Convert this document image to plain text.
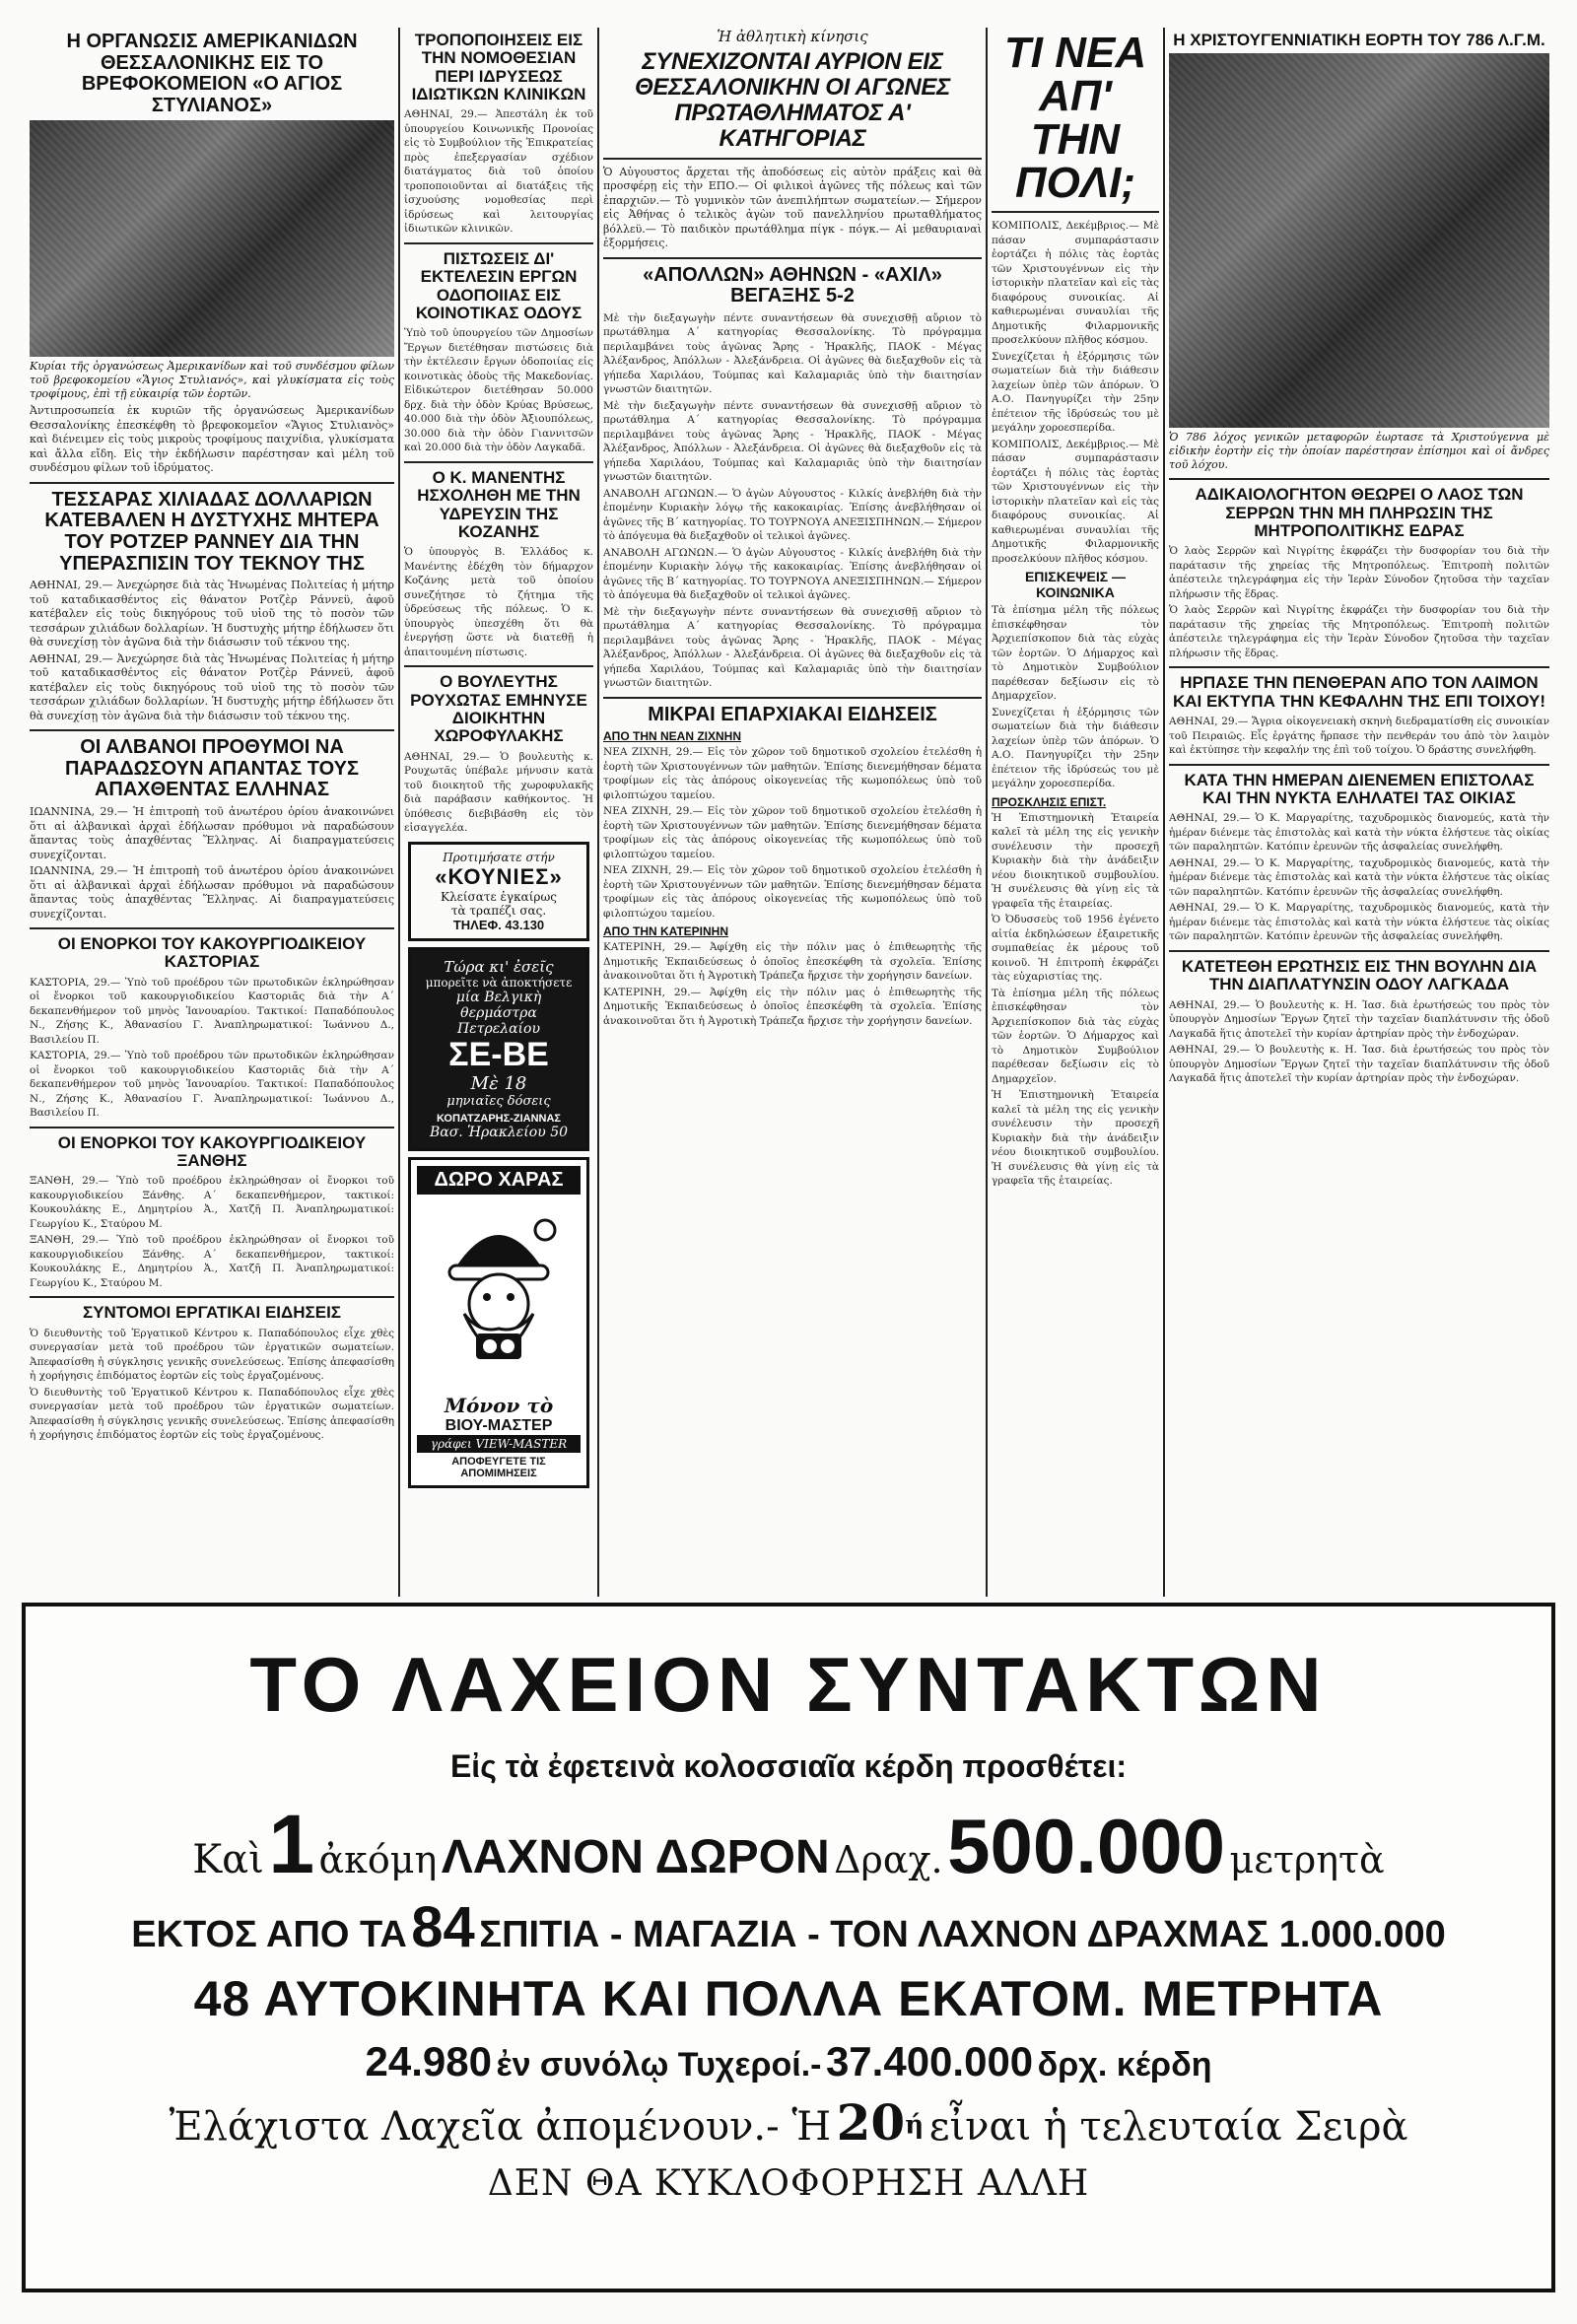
Η ΟΡΓΑΝΩΣΙΣ ΑΜΕΡΙΚΑΝΙΔΩΝ ΘΕΣΣΑΛΟΝΙΚΗΣ ΕΙΣ ΤΟ ΒΡΕΦΟΚΟΜΕΙΟΝ «Ο ΑΓΙΟΣ ΣΤΥΛΙΑΝΟΣ»
Κυρίαι τῆς ὀργανώσεως Ἀμερικανίδων καὶ τοῦ συνδέσμου φίλων τοῦ βρεφοκομείου «Ἅγιος Στυλιανός», καὶ γλυκίσματα εἰς τοὺς τροφίμους, ἐπὶ τῇ εὐκαιρίᾳ τῶν ἑορτῶν.
Ἀντιπροσωπεία ἐκ κυριῶν τῆς ὀργανώσεως Ἀμερικανίδων Θεσσαλονίκης ἐπεσκέφθη τὸ βρεφοκομεῖον «Ἅγιος Στυλιανὸς» καὶ διένειμεν εἰς τοὺς μικροὺς τροφίμους παιχνίδια, γλυκίσματα καὶ ἄλλα εἴδη. Εἰς τὴν ἐκδήλωσιν παρέστησαν καὶ μέλη τοῦ συνδέσμου φίλων τοῦ ἱδρύματος.
ΤΕΣΣΑΡΑΣ ΧΙΛΙΑΔΑΣ ΔΟΛΛΑΡΙΩΝ ΚΑΤΕΒΑΛΕΝ Η ΔΥΣΤΥΧΗΣ ΜΗΤΕΡΑ ΤΟΥ ΡΟΤΖΕΡ ΡΑΝΝΕΥ ΔΙΑ ΤΗΝ ΥΠΕΡΑΣΠΙΣΙΝ ΤΟΥ ΤΕΚΝΟΥ ΤΗΣ
ΑΘΗΝΑΙ, 29.— Ἀνεχώρησε διὰ τὰς Ἡνωμένας Πολιτείας ἡ μήτηρ τοῦ καταδικασθέντος εἰς θάνατον Ροτζὲρ Ράννεϋ, ἀφοῦ κατέβαλεν εἰς τοὺς δικηγόρους τοῦ υἱοῦ της τὸ ποσὸν τῶν τεσσάρων χιλιάδων δολλαρίων. Ἡ δυστυχὴς μήτηρ ἐδήλωσεν ὅτι θὰ συνεχίσῃ τὸν ἀγῶνα διὰ τὴν διάσωσιν τοῦ τέκνου της.
ΑΘΗΝΑΙ, 29.— Ἀνεχώρησε διὰ τὰς Ἡνωμένας Πολιτείας ἡ μήτηρ τοῦ καταδικασθέντος εἰς θάνατον Ροτζὲρ Ράννεϋ, ἀφοῦ κατέβαλεν εἰς τοὺς δικηγόρους τοῦ υἱοῦ της τὸ ποσὸν τῶν τεσσάρων χιλιάδων δολλαρίων. Ἡ δυστυχὴς μήτηρ ἐδήλωσεν ὅτι θὰ συνεχίσῃ τὸν ἀγῶνα διὰ τὴν διάσωσιν τοῦ τέκνου της.
ΟΙ ΑΛΒΑΝΟΙ ΠΡΟΘΥΜΟΙ ΝΑ ΠΑΡΑΔΩΣΟΥΝ ΑΠΑΝΤΑΣ ΤΟΥΣ ΑΠΑΧΘΕΝΤΑΣ ΕΛΛΗΝΑΣ
ΙΩΑΝΝΙΝΑ, 29.— Ἡ ἐπιτροπὴ τοῦ ἀνωτέρου ὀρίου ἀνακοινώνει ὅτι αἱ ἀλβανικαὶ ἀρχαὶ ἐδήλωσαν πρόθυμοι νὰ παραδώσουν ἅπαντας τοὺς ἀπαχθέντας Ἕλληνας. Αἱ διαπραγματεύσεις συνεχίζονται.
ΙΩΑΝΝΙΝΑ, 29.— Ἡ ἐπιτροπὴ τοῦ ἀνωτέρου ὀρίου ἀνακοινώνει ὅτι αἱ ἀλβανικαὶ ἀρχαὶ ἐδήλωσαν πρόθυμοι νὰ παραδώσουν ἅπαντας τοὺς ἀπαχθέντας Ἕλληνας. Αἱ διαπραγματεύσεις συνεχίζονται.
ΟΙ ΕΝΟΡΚΟΙ ΤΟΥ ΚΑΚΟΥΡΓΙΟΔΙΚΕΙΟΥ ΚΑΣΤΟΡΙΑΣ
ΚΑΣΤΟΡΙΑ, 29.— Ὑπὸ τοῦ προέδρου τῶν πρωτοδικῶν ἐκληρώθησαν οἱ ἔνορκοι τοῦ κακουργιοδικείου Καστοριᾶς διὰ τὴν Α΄ δεκαπενθήμερον τοῦ μηνὸς Ἰανουαρίου. Τακτικοί: Παπαδόπουλος Ν., Ζήσης Κ., Ἀθανασίου Γ. Ἀναπληρωματικοί: Ἰωάννου Δ., Βασιλείου Π.
ΚΑΣΤΟΡΙΑ, 29.— Ὑπὸ τοῦ προέδρου τῶν πρωτοδικῶν ἐκληρώθησαν οἱ ἔνορκοι τοῦ κακουργιοδικείου Καστοριᾶς διὰ τὴν Α΄ δεκαπενθήμερον τοῦ μηνὸς Ἰανουαρίου. Τακτικοί: Παπαδόπουλος Ν., Ζήσης Κ., Ἀθανασίου Γ. Ἀναπληρωματικοί: Ἰωάννου Δ., Βασιλείου Π.
ΟΙ ΕΝΟΡΚΟΙ ΤΟΥ ΚΑΚΟΥΡΓΙΟΔΙΚΕΙΟΥ ΞΑΝΘΗΣ
ΞΑΝΘΗ, 29.— Ὑπὸ τοῦ προέδρου ἐκληρώθησαν οἱ ἔνορκοι τοῦ κακουργιοδικείου Ξάνθης. Α΄ δεκαπενθήμερον, τακτικοί: Κουκουλάκης Ε., Δημητρίου Ἀ., Χατζῆ Π. Ἀναπληρωματικοί: Γεωργίου Κ., Σταύρου Μ.
ΞΑΝΘΗ, 29.— Ὑπὸ τοῦ προέδρου ἐκληρώθησαν οἱ ἔνορκοι τοῦ κακουργιοδικείου Ξάνθης. Α΄ δεκαπενθήμερον, τακτικοί: Κουκουλάκης Ε., Δημητρίου Ἀ., Χατζῆ Π. Ἀναπληρωματικοί: Γεωργίου Κ., Σταύρου Μ.
ΣΥΝΤΟΜΟΙ ΕΡΓΑΤΙΚΑΙ ΕΙΔΗΣΕΙΣ
Ὁ διευθυντὴς τοῦ Ἐργατικοῦ Κέντρου κ. Παπαδόπουλος εἶχε χθὲς συνεργασίαν μετὰ τοῦ προέδρου τῶν ἐργατικῶν σωματείων. Ἀπεφασίσθη ἡ σύγκλησις γενικῆς συνελεύσεως. Ἐπίσης ἀπεφασίσθη ἡ χορήγησις ἐπιδόματος ἑορτῶν εἰς τοὺς ἐργαζομένους.
Ὁ διευθυντὴς τοῦ Ἐργατικοῦ Κέντρου κ. Παπαδόπουλος εἶχε χθὲς συνεργασίαν μετὰ τοῦ προέδρου τῶν ἐργατικῶν σωματείων. Ἀπεφασίσθη ἡ σύγκλησις γενικῆς συνελεύσεως. Ἐπίσης ἀπεφασίσθη ἡ χορήγησις ἐπιδόματος ἑορτῶν εἰς τοὺς ἐργαζομένους.
ΤΡΟΠΟΠΟΙΗΣΕΙΣ ΕΙΣ ΤΗΝ ΝΟΜΟΘΕΣΙΑΝ ΠΕΡΙ ΙΔΡΥΣΕΩΣ ΙΔΙΩΤΙΚΩΝ ΚΛΙΝΙΚΩΝ
ΑΘΗΝΑΙ, 29.— Ἀπεστάλη ἐκ τοῦ ὑπουργείου Κοινωνικῆς Προνοίας εἰς τὸ Συμβούλιον τῆς Ἐπικρατείας πρὸς ἐπεξεργασίαν σχέδιον διατάγματος διὰ τοῦ ὁποίου τροποποιοῦνται αἱ διατάξεις τῆς ἰσχυούσης νομοθεσίας περὶ ἱδρύσεως καὶ λειτουργίας ἰδιωτικῶν κλινικῶν.
ΠΙΣΤΩΣΕΙΣ ΔΙ' ΕΚΤΕΛΕΣΙΝ ΕΡΓΩΝ ΟΔΟΠΟΙΙΑΣ ΕΙΣ ΚΟΙΝΟΤΙΚΑΣ ΟΔΟΥΣ
Ὑπὸ τοῦ ὑπουργείου τῶν Δημοσίων Ἔργων διετέθησαν πιστώσεις διὰ τὴν ἐκτέλεσιν ἔργων ὁδοποιίας εἰς κοινοτικὰς ὁδοὺς τῆς Μακεδονίας. Εἰδικώτερον διετέθησαν 50.000 δρχ. διὰ τὴν ὁδὸν Κρύας Βρύσεως, 40.000 διὰ τὴν ὁδὸν Ἀξιουπόλεως, 30.000 διὰ τὴν ὁδὸν Γιαννιτσῶν καὶ 20.000 διὰ τὴν ὁδὸν Λαγκαδᾶ.
Ο Κ. ΜΑΝΕΝΤΗΣ ΗΣΧΟΛΗΘΗ ΜΕ ΤΗΝ ΥΔΡΕΥΣΙΝ ΤΗΣ ΚΟΖΑΝΗΣ
Ὁ ὑπουργὸς Β. Ἑλλάδος κ. Μανέντης ἐδέχθη τὸν δήμαρχον Κοζάνης μετὰ τοῦ ὁποίου συνεζήτησε τὸ ζήτημα τῆς ὑδρεύσεως τῆς πόλεως. Ὁ κ. ὑπουργὸς ὑπεσχέθη ὅτι θὰ ἐνεργήσῃ ὥστε νὰ διατεθῇ ἡ ἀπαιτουμένη πίστωσις.
Ο ΒΟΥΛΕΥΤΗΣ ΡΟΥΧΩΤΑΣ ΕΜΗΝΥΣΕ ΔΙΟΙΚΗΤΗΝ ΧΩΡΟΦΥΛΑΚΗΣ
ΑΘΗΝΑΙ, 29.— Ὁ βουλευτὴς κ. Ρουχωτᾶς ὑπέβαλε μήνυσιν κατὰ τοῦ διοικητοῦ τῆς χωροφυλακῆς διὰ παράβασιν καθήκοντος. Ἡ ὑπόθεσις διεβιβάσθη εἰς τὸν εἰσαγγελέα.
Προτιμήσατε στήν
«ΚΟΥΝΙΕΣ»
Κλείσατε ἐγκαίρως
τὰ τραπέζι σας.
ΤΗΛΕΦ. 43.130
Τώρα κι' ἐσεῖς
μπορεῖτε νὰ ἀποκτήσετε
μία Βελγικὴ
θερμάστρα
Πετρελαίου
ΣΕ-ΒΕ
Μὲ 18
μηνιαῖες δόσεις
ΚΟΠΑΤΖΑΡΗΣ-ΖΙΑΝΝΑΣ
Βασ. Ἡρακλείου 50
ΔΩΡΟ ΧΑΡΑΣ
Μόνον τὸ
ΒΙΟΥ-ΜΑΣΤΕΡ
γράφει VIEW-MASTER
ΑΠΟΦΕΥΓΕΤΕ ΤΙΣ
ΑΠΟΜΙΜΗΣΕΙΣ
Ἡ ἀθλητικὴ κίνησις
ΣΥΝΕΧΙΖΟΝΤΑΙ ΑΥΡΙΟΝ ΕΙΣ ΘΕΣΣΑΛΟΝΙΚΗΝ ΟΙ ΑΓΩΝΕΣ ΠΡΩΤΑΘΛΗΜΑΤΟΣ Α' ΚΑΤΗΓΟΡΙΑΣ
Ὁ Αὐγουστος ἄρχεται τῆς ἀποδόσεως εἰς αὐτὸν πράξεις καὶ θὰ προσφέρῃ εἰς τὴν ΕΠΟ.— Οἱ φιλικοὶ ἀγῶνες τῆς πόλεως καὶ τῶν ἐπαρχιῶν.— Τὸ γυμνικὸν τῶν ἀνεπιλήπτων σωματείων.— Σήμερον εἰς Ἀθήνας ὁ τελικὸς ἀγὼν τοῦ πανελληνίου πρωταθλήματος βόλλεϋ.— Τὸ παιδικὸν πρωτάθλημα πίγκ - πόγκ.— Αἱ μεθαυριαναὶ ἐξορμήσεις.
«ΑΠΟΛΛΩΝ» ΑΘΗΝΩΝ - «ΑΧΙΛ» ΒΕΓΑΞΗΣ 5-2
Μὲ τὴν διεξαγωγὴν πέντε συναντήσεων θὰ συνεχισθῇ αὔριον τὸ πρωτάθλημα Α΄ κατηγορίας Θεσσαλονίκης. Τὸ πρόγραμμα περιλαμβάνει τοὺς ἀγῶνας Ἄρης - Ἡρακλῆς, ΠΑΟΚ - Μέγας Ἀλέξανδρος, Ἀπόλλων - Ἀλεξάνδρεια. Οἱ ἀγῶνες θὰ διεξαχθοῦν εἰς τὰ γήπεδα Χαριλάου, Τούμπας καὶ Καλαμαριᾶς ὑπὸ τὴν διαιτησίαν γνωστῶν διαιτητῶν.
Μὲ τὴν διεξαγωγὴν πέντε συναντήσεων θὰ συνεχισθῇ αὔριον τὸ πρωτάθλημα Α΄ κατηγορίας Θεσσαλονίκης. Τὸ πρόγραμμα περιλαμβάνει τοὺς ἀγῶνας Ἄρης - Ἡρακλῆς, ΠΑΟΚ - Μέγας Ἀλέξανδρος, Ἀπόλλων - Ἀλεξάνδρεια. Οἱ ἀγῶνες θὰ διεξαχθοῦν εἰς τὰ γήπεδα Χαριλάου, Τούμπας καὶ Καλαμαριᾶς ὑπὸ τὴν διαιτησίαν γνωστῶν διαιτητῶν.
ΑΝΑΒΟΛΗ ΑΓΩΝΩΝ.— Ὁ ἀγὼν Αὐγουστος - Κιλκίς ἀνεβλήθη διὰ τὴν ἑπομένην Κυριακὴν λόγῳ τῆς κακοκαιρίας. Ἐπίσης ἀνεβλήθησαν οἱ ἀγῶνες τῆς Β΄ κατηγορίας. ΤΟ ΤΟΥΡΝΟΥΑ ΑΝΕΞΙΣΠΗΝΩΝ.— Σήμερον τὸ ἀπόγευμα θὰ διεξαχθοῦν οἱ τελικοὶ ἀγῶνες.
ΑΝΑΒΟΛΗ ΑΓΩΝΩΝ.— Ὁ ἀγὼν Αὐγουστος - Κιλκίς ἀνεβλήθη διὰ τὴν ἑπομένην Κυριακὴν λόγῳ τῆς κακοκαιρίας. Ἐπίσης ἀνεβλήθησαν οἱ ἀγῶνες τῆς Β΄ κατηγορίας. ΤΟ ΤΟΥΡΝΟΥΑ ΑΝΕΞΙΣΠΗΝΩΝ.— Σήμερον τὸ ἀπόγευμα θὰ διεξαχθοῦν οἱ τελικοὶ ἀγῶνες.
Μὲ τὴν διεξαγωγὴν πέντε συναντήσεων θὰ συνεχισθῇ αὔριον τὸ πρωτάθλημα Α΄ κατηγορίας Θεσσαλονίκης. Τὸ πρόγραμμα περιλαμβάνει τοὺς ἀγῶνας Ἄρης - Ἡρακλῆς, ΠΑΟΚ - Μέγας Ἀλέξανδρος, Ἀπόλλων - Ἀλεξάνδρεια. Οἱ ἀγῶνες θὰ διεξαχθοῦν εἰς τὰ γήπεδα Χαριλάου, Τούμπας καὶ Καλαμαριᾶς ὑπὸ τὴν διαιτησίαν γνωστῶν διαιτητῶν.
ΜΙΚΡΑΙ ΕΠΑΡΧΙΑΚΑΙ ΕΙΔΗΣΕΙΣ
ΑΠΟ ΤΗΝ ΝΕΑΝ ΖΙΧΝΗΝ
ΝΕΑ ΖΙΧΝΗ, 29.— Εἰς τὸν χῶρον τοῦ δημοτικοῦ σχολείου ἐτελέσθη ἡ ἑορτὴ τῶν Χριστουγέννων τῶν μαθητῶν. Ἐπίσης διενεμήθησαν δέματα τροφίμων εἰς τὰς ἀπόρους οἰκογενείας τῆς κωμοπόλεως ὑπὸ τοῦ φιλοπτώχου ταμείου.
ΝΕΑ ΖΙΧΝΗ, 29.— Εἰς τὸν χῶρον τοῦ δημοτικοῦ σχολείου ἐτελέσθη ἡ ἑορτὴ τῶν Χριστουγέννων τῶν μαθητῶν. Ἐπίσης διενεμήθησαν δέματα τροφίμων εἰς τὰς ἀπόρους οἰκογενείας τῆς κωμοπόλεως ὑπὸ τοῦ φιλοπτώχου ταμείου.
ΝΕΑ ΖΙΧΝΗ, 29.— Εἰς τὸν χῶρον τοῦ δημοτικοῦ σχολείου ἐτελέσθη ἡ ἑορτὴ τῶν Χριστουγέννων τῶν μαθητῶν. Ἐπίσης διενεμήθησαν δέματα τροφίμων εἰς τὰς ἀπόρους οἰκογενείας τῆς κωμοπόλεως ὑπὸ τοῦ φιλοπτώχου ταμείου.
ΑΠΟ ΤΗΝ ΚΑΤΕΡΙΝΗΝ
ΚΑΤΕΡΙΝΗ, 29.— Ἀφίχθη εἰς τὴν πόλιν μας ὁ ἐπιθεωρητὴς τῆς Δημοτικῆς Ἐκπαιδεύσεως ὁ ὁποῖος ἐπεσκέφθη τὰ σχολεῖα. Ἐπίσης ἀνακοινοῦται ὅτι ἡ Ἀγροτικὴ Τράπεζα ἤρχισε τὴν χορήγησιν δανείων.
ΚΑΤΕΡΙΝΗ, 29.— Ἀφίχθη εἰς τὴν πόλιν μας ὁ ἐπιθεωρητὴς τῆς Δημοτικῆς Ἐκπαιδεύσεως ὁ ὁποῖος ἐπεσκέφθη τὰ σχολεῖα. Ἐπίσης ἀνακοινοῦται ὅτι ἡ Ἀγροτικὴ Τράπεζα ἤρχισε τὴν χορήγησιν δανείων.
ΤΙ ΝΕΑ ΑΠ' ΤΗΝ ΠΟΛΙ;
ΚΟΜΙΠΟΛΙΣ, Δεκέμβριος.— Μὲ πάσαν συμπαράστασιν ἑορτάζει ἡ πόλις τὰς ἑορτὰς τῶν Χριστουγέννων εἰς τὴν ἱστορικὴν πλατεῖαν καὶ εἰς τὰς διαφόρους συνοικίας. Αἱ καθιερωμέναι συναυλίαι τῆς Δημοτικῆς Φιλαρμονικῆς προσελκύουν πλῆθος κόσμου.
Συνεχίζεται ἡ ἐξόρμησις τῶν σωματείων διὰ τὴν διάθεσιν λαχείων ὑπὲρ τῶν ἀπόρων. Ὁ Α.Ο. Πανηγυρίζει τὴν 25ην ἐπέτειον τῆς ἱδρύσεώς του μὲ μεγάλην χοροεσπερίδα.
ΚΟΜΙΠΟΛΙΣ, Δεκέμβριος.— Μὲ πάσαν συμπαράστασιν ἑορτάζει ἡ πόλις τὰς ἑορτὰς τῶν Χριστουγέννων εἰς τὴν ἱστορικὴν πλατεῖαν καὶ εἰς τὰς διαφόρους συνοικίας. Αἱ καθιερωμέναι συναυλίαι τῆς Δημοτικῆς Φιλαρμονικῆς προσελκύουν πλῆθος κόσμου.
ΕΠΙΣΚΕΨΕΙΣ — ΚΟΙΝΩΝΙΚΑ
Τὰ ἐπίσημα μέλη τῆς πόλεως ἐπισκέφθησαν τὸν Ἀρχιεπίσκοπον διὰ τὰς εὐχὰς τῶν ἑορτῶν. Ὁ Δήμαρχος καὶ τὸ Δημοτικὸν Συμβούλιον παρέθεσαν δεξίωσιν εἰς τὸ Δημαρχεῖον.
Συνεχίζεται ἡ ἐξόρμησις τῶν σωματείων διὰ τὴν διάθεσιν λαχείων ὑπὲρ τῶν ἀπόρων. Ὁ Α.Ο. Πανηγυρίζει τὴν 25ην ἐπέτειον τῆς ἱδρύσεώς του μὲ μεγάλην χοροεσπερίδα.
ΠΡΟΣΚΛΗΣΙΣ ΕΠΙΣΤ.
Ἡ Ἐπιστημονικὴ Ἑταιρεία καλεῖ τὰ μέλη της εἰς γενικὴν συνέλευσιν τὴν προσεχῆ Κυριακὴν διὰ τὴν ἀνάδειξιν νέου διοικητικοῦ συμβουλίου. Ἡ συνέλευσις θὰ γίνῃ εἰς τὰ γραφεῖα τῆς ἑταιρείας.
Ὁ Ὀδυσσεὺς τοῦ 1956 ἐγένετο αἰτία ἐκδηλώσεων ἐξαιρετικῆς συμπαθείας ἐκ μέρους τοῦ κοινοῦ. Ἡ ἐπιτροπὴ ἐκφράζει τὰς εὐχαριστίας της.
Τὰ ἐπίσημα μέλη τῆς πόλεως ἐπισκέφθησαν τὸν Ἀρχιεπίσκοπον διὰ τὰς εὐχὰς τῶν ἑορτῶν. Ὁ Δήμαρχος καὶ τὸ Δημοτικὸν Συμβούλιον παρέθεσαν δεξίωσιν εἰς τὸ Δημαρχεῖον.
Ἡ Ἐπιστημονικὴ Ἑταιρεία καλεῖ τὰ μέλη της εἰς γενικὴν συνέλευσιν τὴν προσεχῆ Κυριακὴν διὰ τὴν ἀνάδειξιν νέου διοικητικοῦ συμβουλίου. Ἡ συνέλευσις θὰ γίνῃ εἰς τὰ γραφεῖα τῆς ἑταιρείας.
Η ΧΡΙΣΤΟΥΓΕΝΝΙΑΤΙΚΗ ΕΟΡΤΗ ΤΟΥ 786 Λ.Γ.Μ.
Ὁ 786 λόχος γενικῶν μεταφορῶν ἐωρτασε τὰ Χριστούγεννα μὲ εἰδικὴν ἑορτὴν εἰς τὴν ὁποίαν παρέστησαν ἐπίσημοι καὶ οἱ ἄνδρες τοῦ λόχου.
ΑΔΙΚΑΙΟΛΟΓΗΤΟΝ ΘΕΩΡΕΙ Ο ΛΑΟΣ ΤΩΝ ΣΕΡΡΩΝ ΤΗΝ ΜΗ ΠΛΗΡΩΣΙΝ ΤΗΣ ΜΗΤΡΟΠΟΛΙΤΙΚΗΣ ΕΔΡΑΣ
Ὁ λαὸς Σερρῶν καὶ Νιγρίτης ἐκφράζει τὴν δυσφορίαν του διὰ τὴν παράτασιν τῆς χηρείας τῆς Μητροπόλεως. Ἐπιτροπὴ πολιτῶν ἀπέστειλε τηλεγράφημα εἰς τὴν Ἱερὰν Σύνοδον ζητοῦσα τὴν ταχεῖαν πλήρωσιν τῆς ἕδρας.
Ὁ λαὸς Σερρῶν καὶ Νιγρίτης ἐκφράζει τὴν δυσφορίαν του διὰ τὴν παράτασιν τῆς χηρείας τῆς Μητροπόλεως. Ἐπιτροπὴ πολιτῶν ἀπέστειλε τηλεγράφημα εἰς τὴν Ἱερὰν Σύνοδον ζητοῦσα τὴν ταχεῖαν πλήρωσιν τῆς ἕδρας.
ΗΡΠΑΣΕ ΤΗΝ ΠΕΝΘΕΡΑΝ ΑΠΟ ΤΟΝ ΛΑΙΜΟΝ ΚΑΙ ΕΚΤΥΠΑ ΤΗΝ ΚΕΦΑΛΗΝ ΤΗΣ ΕΠΙ ΤΟΙΧΟΥ!
ΑΘΗΝΑΙ, 29.— Ἄγρια οἰκογενειακὴ σκηνὴ διεδραματίσθη εἰς συνοικίαν τοῦ Πειραιῶς. Εἷς ἐργάτης ἤρπασε τὴν πενθεράν του ἀπὸ τὸν λαιμὸν καὶ ἐκτύπησε τὴν κεφαλήν της ἐπὶ τοῦ τοίχου. Ὁ δράστης συνελήφθη.
ΚΑΤΑ ΤΗΝ ΗΜΕΡΑΝ ΔΙΕΝΕΜΕΝ ΕΠΙΣΤΟΛΑΣ ΚΑΙ ΤΗΝ ΝΥΚΤΑ ΕΛΗΛΑΤΕΙ ΤΑΣ ΟΙΚΙΑΣ
ΑΘΗΝΑΙ, 29.— Ὁ Κ. Μαργαρίτης, ταχυδρομικὸς διανομεύς, κατὰ τὴν ἡμέραν διένεμε τὰς ἐπιστολὰς καὶ κατὰ τὴν νύκτα ἐλήστευε τὰς οἰκίας τῶν παραληπτῶν. Κατόπιν ἐρευνῶν τῆς ἀσφαλείας συνελήφθη.
ΑΘΗΝΑΙ, 29.— Ὁ Κ. Μαργαρίτης, ταχυδρομικὸς διανομεύς, κατὰ τὴν ἡμέραν διένεμε τὰς ἐπιστολὰς καὶ κατὰ τὴν νύκτα ἐλήστευε τὰς οἰκίας τῶν παραληπτῶν. Κατόπιν ἐρευνῶν τῆς ἀσφαλείας συνελήφθη.
ΑΘΗΝΑΙ, 29.— Ὁ Κ. Μαργαρίτης, ταχυδρομικὸς διανομεύς, κατὰ τὴν ἡμέραν διένεμε τὰς ἐπιστολὰς καὶ κατὰ τὴν νύκτα ἐλήστευε τὰς οἰκίας τῶν παραληπτῶν. Κατόπιν ἐρευνῶν τῆς ἀσφαλείας συνελήφθη.
ΚΑΤΕΤΕΘΗ ΕΡΩΤΗΣΙΣ ΕΙΣ ΤΗΝ ΒΟΥΛΗΝ ΔΙΑ ΤΗΝ ΔΙΑΠΛΑΤΥΝΣΙΝ ΟΔΟΥ ΛΑΓΚΑΔΑ
ΑΘΗΝΑΙ, 29.— Ὁ βουλευτὴς κ. Η. Ἰασ. διὰ ἐρωτήσεώς του πρὸς τὸν ὑπουργὸν Δημοσίων Ἔργων ζητεῖ τὴν ταχεῖαν διαπλάτυνσιν τῆς ὁδοῦ Λαγκαδᾶ ἥτις ἀποτελεῖ τὴν κυρίαν ἀρτηρίαν πρὸς τὴν ἐνδοχώραν.
ΑΘΗΝΑΙ, 29.— Ὁ βουλευτὴς κ. Η. Ἰασ. διὰ ἐρωτήσεώς του πρὸς τὸν ὑπουργὸν Δημοσίων Ἔργων ζητεῖ τὴν ταχεῖαν διαπλάτυνσιν τῆς ὁδοῦ Λαγκαδᾶ ἥτις ἀποτελεῖ τὴν κυρίαν ἀρτηρίαν πρὸς τὴν ἐνδοχώραν.
ΤΟ ΛΑΧΕΙΟΝ ΣΥΝΤΑΚΤΩΝ
Εἰς τὰ ἐφετεινὰ κολοσσιαῖα κέρδη προσθέτει:
Καὶ 1 ἀκόμη ΛΑΧΝΟΝ ΔΩΡΟΝ Δραχ. 500.000 μετρητὰ
ΕΚΤΟΣ ΑΠΟ ΤΑ 84 ΣΠΙΤΙΑ - ΜΑΓΑΖΙΑ - ΤΟΝ ΛΑΧΝΟΝ ΔΡΑΧΜΑΣ 1.000.000
48 ΑΥΤΟΚΙΝΗΤΑ ΚΑΙ ΠΟΛΛΑ ΕΚΑΤΟΜ. ΜΕΤΡΗΤΑ
24.980 ἐν συνόλῳ Τυχεροί.- 37.400.000 δρχ. κέρδη
Ἐλάχιστα Λαχεῖα ἀπομένουν.- Ἡ $20^ή$ εἶναι ἡ τελευταία Σειρὰ
ΔΕΝ ΘΑ ΚΥΚΛΟΦΟΡΗΣΗ ΑΛΛΗ
